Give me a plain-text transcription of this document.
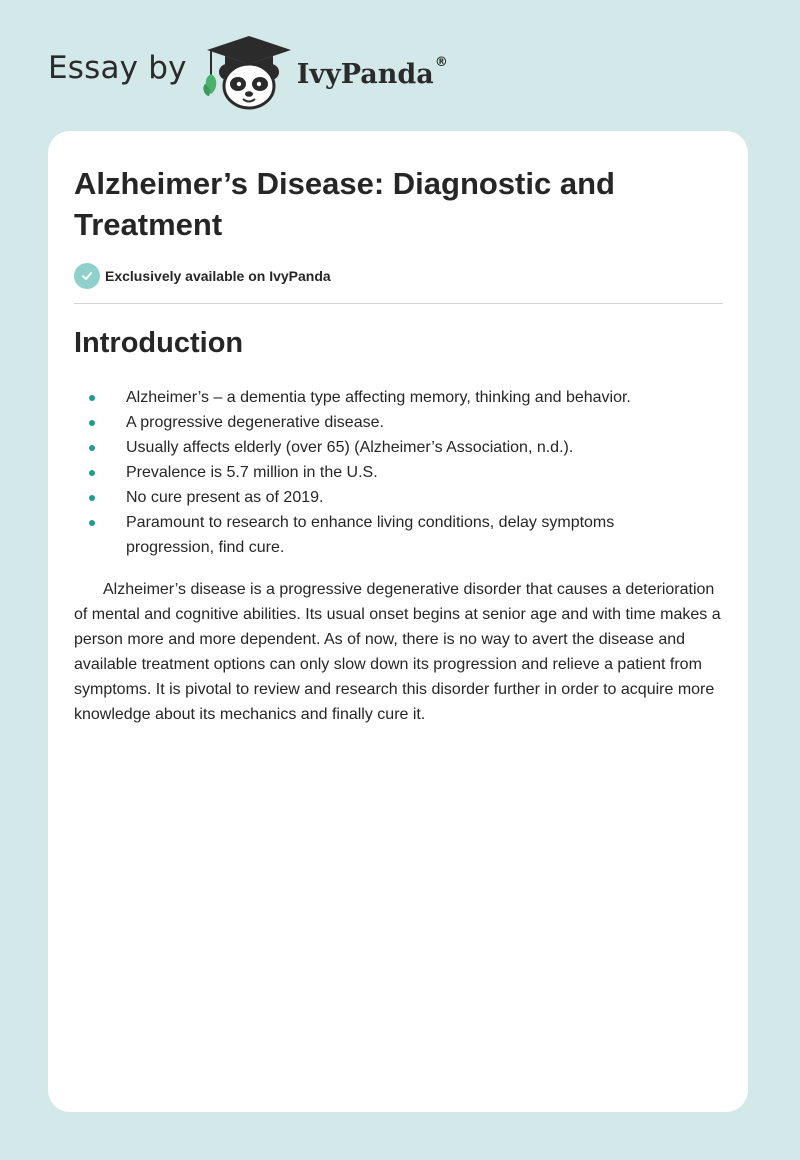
Essay by	IvyPanda ®
Alzheimer’s Disease: Diagnostic and Treatment
Exclusively available on IvyPanda
Introduction
Alzheimer’s – a dementia type affecting memory, thinking and behavior.
A progressive degenerative disease.
Usually affects elderly (over 65) (Alzheimer’s Association, n.d.).
Prevalence is 5.7 million in the U.S.
No cure present as of 2019.
Paramount to research to enhance living conditions, delay symptoms progression, find cure.

Alzheimer’s disease is a progressive degenerative disorder that causes a deterioration of mental and cognitive abilities. Its usual onset begins at senior age and with time makes a person more and more dependent. As of now, there is no way to avert the disease and available treatment options can only slow down its progression and relieve a patient from symptoms. It is pivotal to review and research this disorder further in order to acquire more knowledge about its mechanics and finally cure it.
